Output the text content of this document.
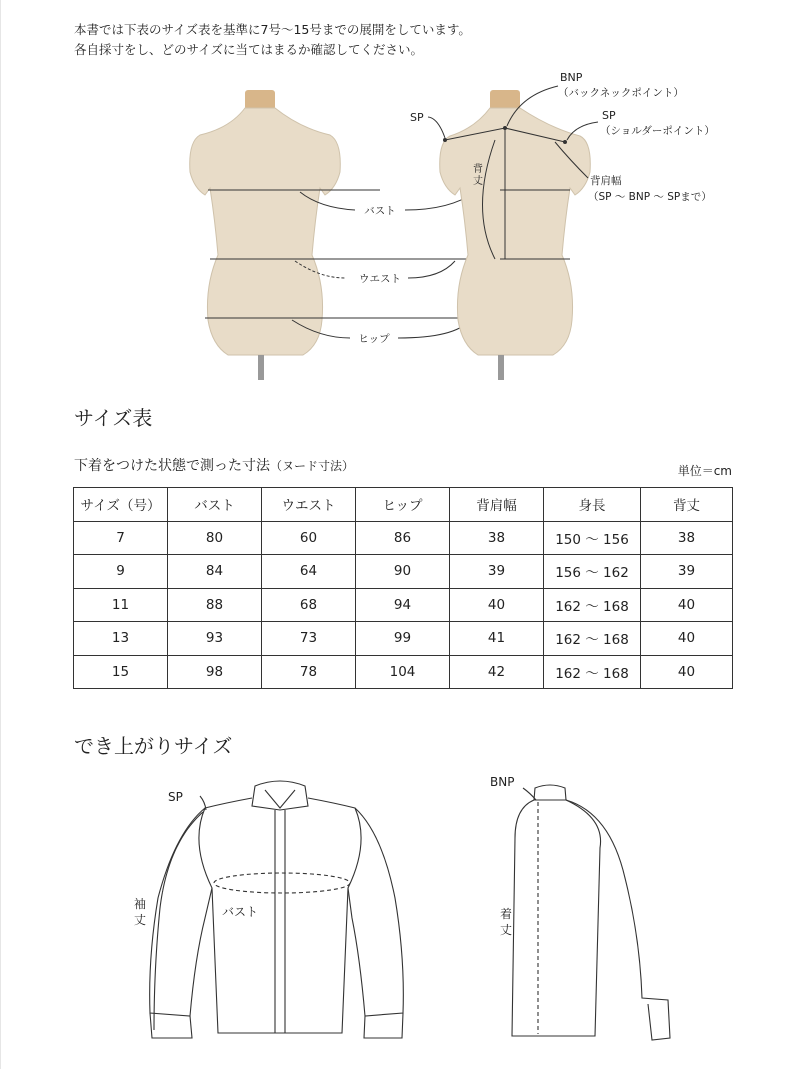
本書では下表のサイズ表を基準に7号～15号までの展開をしています。

各自採寸をし、どのサイズに当てはまるか確認してください。

バスト
ウエスト
ヒップ
背
丈
SP
BNP
（バックネックポイント）
SP
（ショルダーポイント）
背肩幅
（SP ～ BNP ～ SPまで）
サイズ表
下着をつけた状態で測った寸法（ヌード寸法）	単位＝cm
サイズ（号）	バスト	ウエスト	ヒップ	背肩幅	身長	背丈
7	80	60	86	38	150 ～ 156	38
9	84	64	90	39	156 ～ 162	39
11	88	68	94	40	162 ～ 168	40
13	93	73	99	41	162 ～ 168	40
15	98	78	104	42	162 ～ 168	40
でき上がりサイズ
SP
袖
丈
バスト
BNP
着
丈
